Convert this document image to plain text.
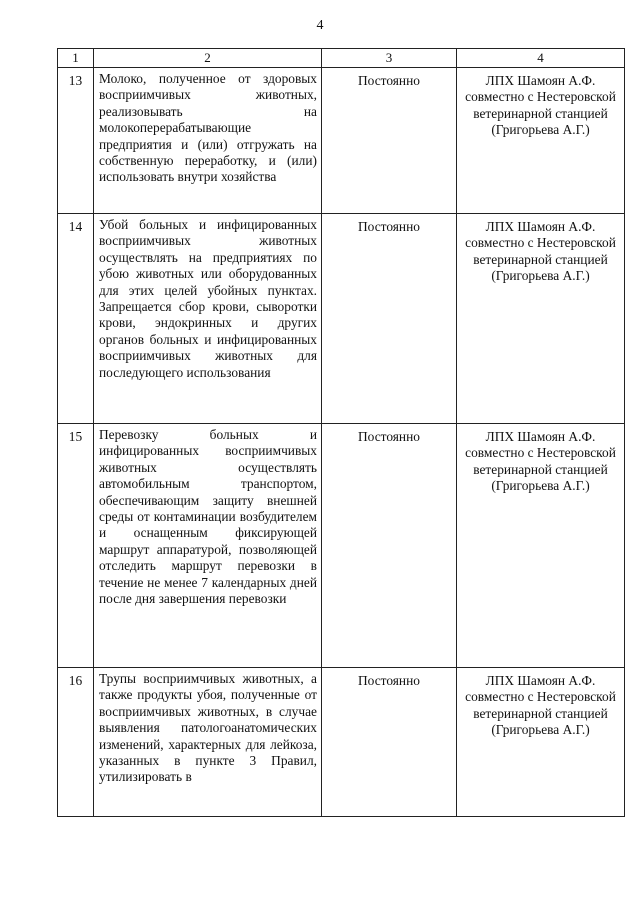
4
1	2	3	4
13	Молоко, полученное от здоровых восприимчивых животных, реализовывать на молокоперерабатывающие предприятия и (или) отгружать на собственную переработку, и (или) использовать внутри хозяйства	Постоянно	ЛПХ Шамоян А.Ф. совместно с Нестеровской ветеринарной станцией (Григорьева А.Г.)
14	Убой больных и инфицированных восприимчивых животных осуществлять на предприятиях по убою животных или оборудованных для этих целей убойных пунктах. Запрещается сбор крови, сыворотки крови, эндокринных и других органов больных и инфицированных восприимчивых животных для последующего использования	Постоянно	ЛПХ Шамоян А.Ф. совместно с Нестеровской ветеринарной станцией (Григорьева А.Г.)
15	Перевозку больных и инфицированных восприимчивых животных осуществлять автомобильным транспортом, обеспечивающим защиту внешней среды от контаминации возбудителем и оснащенным фиксирующей маршрут аппаратурой, позволяющей отследить маршрут перевозки в течение не менее 7 календарных дней после дня завершения перевозки	Постоянно	ЛПХ Шамоян А.Ф. совместно с Нестеровской ветеринарной станцией (Григорьева А.Г.)
16	Трупы восприимчивых животных, а также продукты убоя, полученные от восприимчивых животных, в случае выявления патологоанатомических изменений, характерных для лейкоза, указанных в пункте 3 Правил, утилизировать в	Постоянно	ЛПХ Шамоян А.Ф. совместно с Нестеровской ветеринарной станцией (Григорьева А.Г.)
